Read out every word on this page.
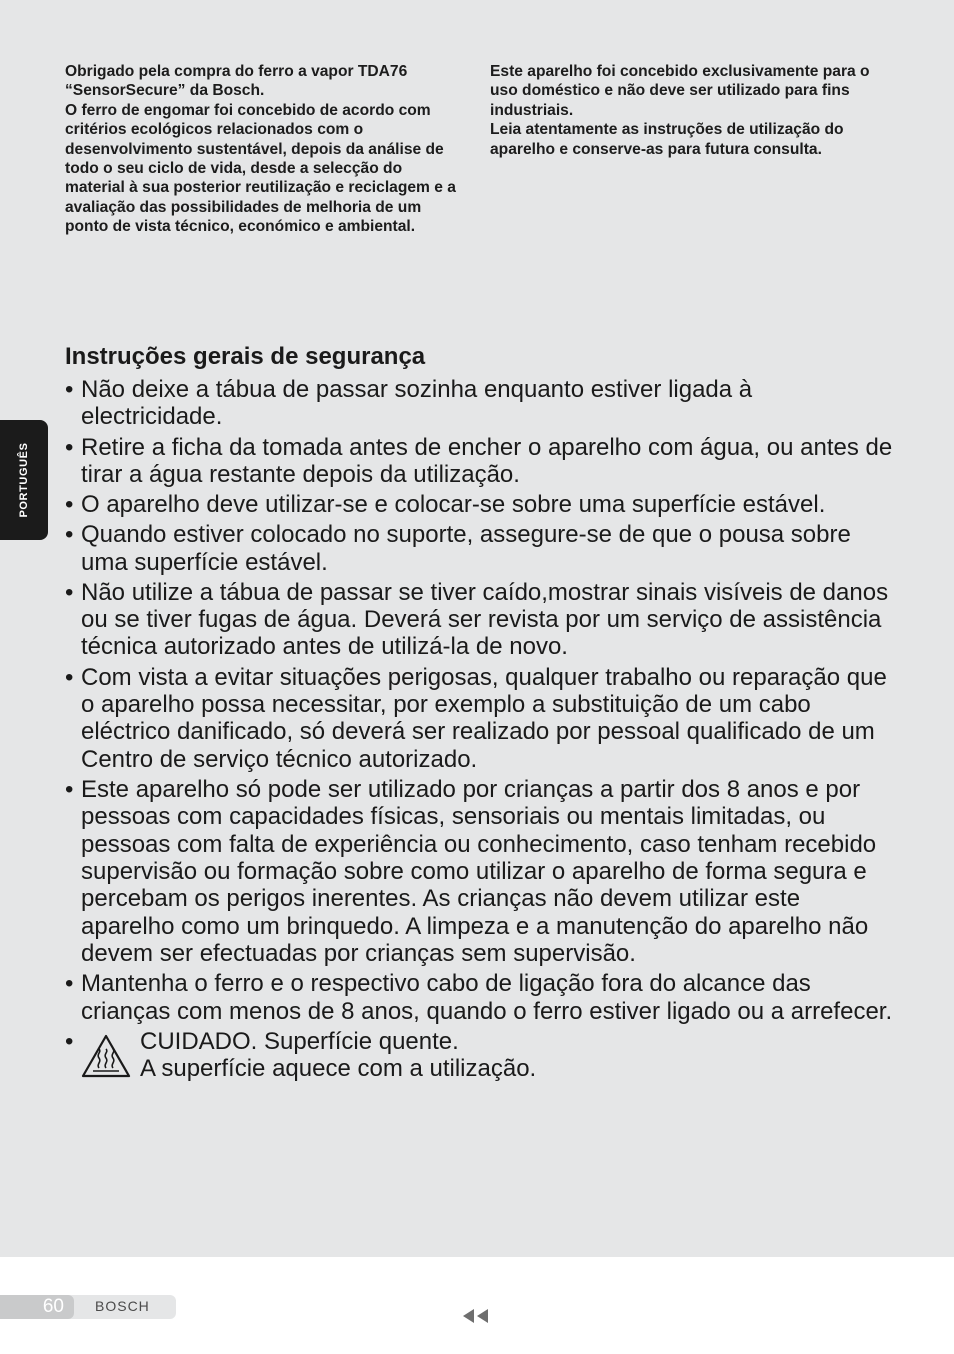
Obrigado pela compra do ferro a vapor TDA76 “SensorSecure” da Bosch.

O ferro de engomar foi concebido de acordo com critérios ecológicos relacionados com o desenvolvimento sustentável, depois da análise de todo o seu ciclo de vida, desde a selecção do material à sua posterior reutilização e reciclagem e a avaliação das possibilidades de melhoria de um ponto de vista técnico, económico e ambiental.

Este aparelho foi concebido exclusivamente para o uso doméstico e não deve ser utilizado para fins industriais.

Leia atentamente as instruções de utilização do aparelho e conserve-as para futura consulta.

PORTUGUÊS
Instruções gerais de segurança
• Não deixe a tábua de passar sozinha enquanto estiver ligada à electricidade.
• Retire a ficha da tomada antes de encher o aparelho com água, ou antes de tirar a água restante depois da utilização.
• O aparelho deve utilizar-se e colocar-se sobre uma superfície estável.
• Quando estiver colocado no suporte, assegure-se de que o pousa sobre uma superfície estável.
• Não utilize a tábua de passar se tiver caído,mostrar sinais visíveis de danos ou se tiver fugas de água. Deverá ser revista por um serviço de assistência técnica autorizado antes de utilizá-la de novo.
• Com vista a evitar situações perigosas, qualquer trabalho ou reparação que o aparelho possa necessitar, por exemplo a substituição de um cabo eléctrico danificado, só deverá ser realizado por pessoal qualificado de um Centro de serviço técnico autorizado.
• Este aparelho só pode ser utilizado por crianças a partir dos 8 anos e por pessoas com capacidades físicas, sensoriais ou mentais limitadas, ou pessoas com falta de experiência ou conhecimento, caso tenham recebido supervisão ou formação sobre como utilizar o aparelho de forma segura e percebam os perigos inerentes. As crianças não devem utilizar este aparelho como um brinquedo. A limpeza e a manutenção do aparelho não devem ser efectuadas por crianças sem supervisão.
• Mantenha o ferro e o respectivo cabo de ligação fora do alcance das crianças com menos de 8 anos, quando o ferro estiver ligado ou a arrefecer.
• CUIDADO. Superfície quente.
A superfície aquece com a utilização.
60 BOSCH
